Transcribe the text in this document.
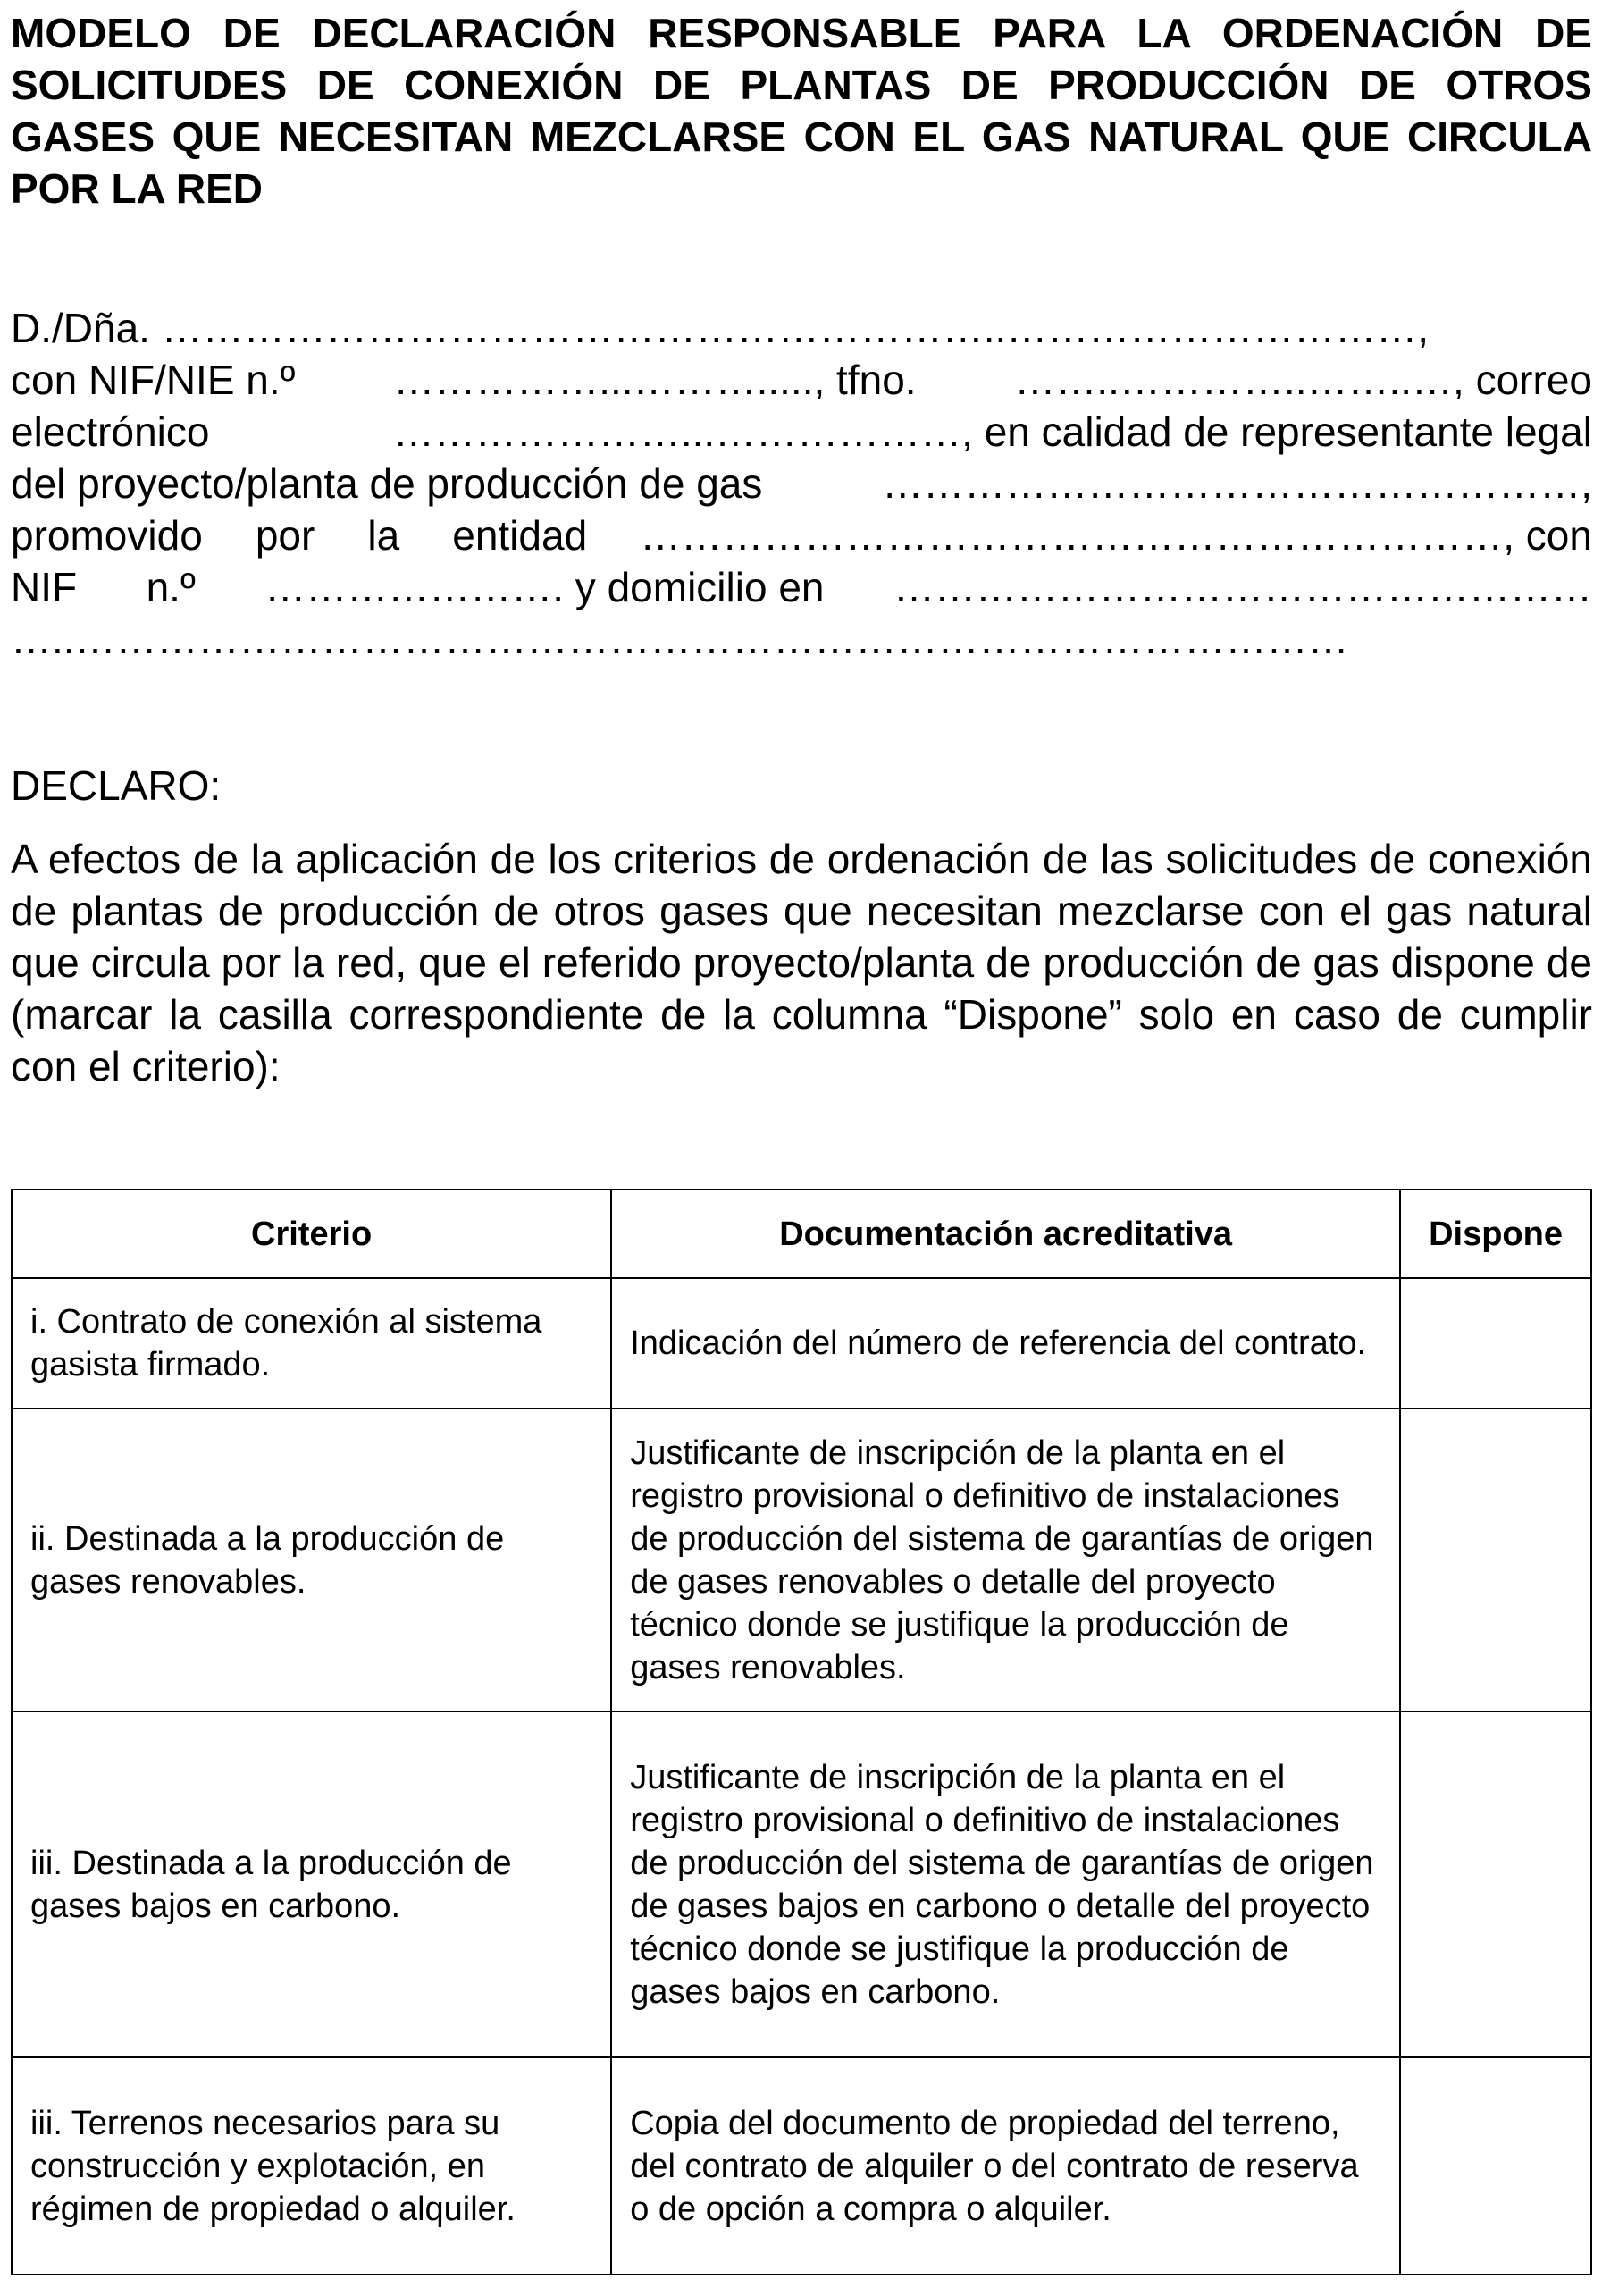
MODELO DE DECLARACIÓN RESPONSABLE PARA LA ORDENACIÓN DE SOLICITUDES DE CONEXIÓN DE PLANTAS DE PRODUCCIÓN DE OTROS GASES QUE NECESITAN MEZCLARSE CON EL GAS NATURAL QUE CIRCULA POR LA RED
D./Dña. ……………………………………………………..…………………………,
con NIF/NIE n.º ……………...………....., tfno. ……..…………..……..…, correo
electrónico	…………………...………………, en calidad de representante legal
del proyecto/planta de producción de gas	……………………………………………,
promovido por la entidad ………………………………………………………, con
NIF n.º …………………. y domicilio en ……………………………………………
…..…………………………………………………………………………………
DECLARO:

A efectos de la aplicación de los criterios de ordenación de las solicitudes de conexión de plantas de producción de otros gases que necesitan mezclarse con el gas natural que circula por la red, que el referido proyecto/planta de producción de gas dispone de (marcar la casilla correspondiente de la columna “Dispone” solo en caso de cumplir con el criterio):

Criterio	Documentación acreditativa	Dispone
i. Contrato de conexión al sistema gasista firmado.	Indicación del número de referencia del contrato.	
ii. Destinada a la producción de gases renovables.	Justificante de inscripción de la planta en el registro provisional o definitivo de instalaciones de producción del sistema de garantías de origen de gases renovables o detalle del proyecto técnico donde se justifique la producción de gases renovables.	
iii. Destinada a la producción de gases bajos en carbono.	Justificante de inscripción de la planta en el registro provisional o definitivo de instalaciones de producción del sistema de garantías de origen de gases bajos en carbono o detalle del proyecto técnico donde se justifique la producción de gases bajos en carbono.	
iii. Terrenos necesarios para su construcción y explotación, en régimen de propiedad o alquiler.	Copia del documento de propiedad del terreno, del contrato de alquiler o del contrato de reserva o de opción a compra o alquiler.	
